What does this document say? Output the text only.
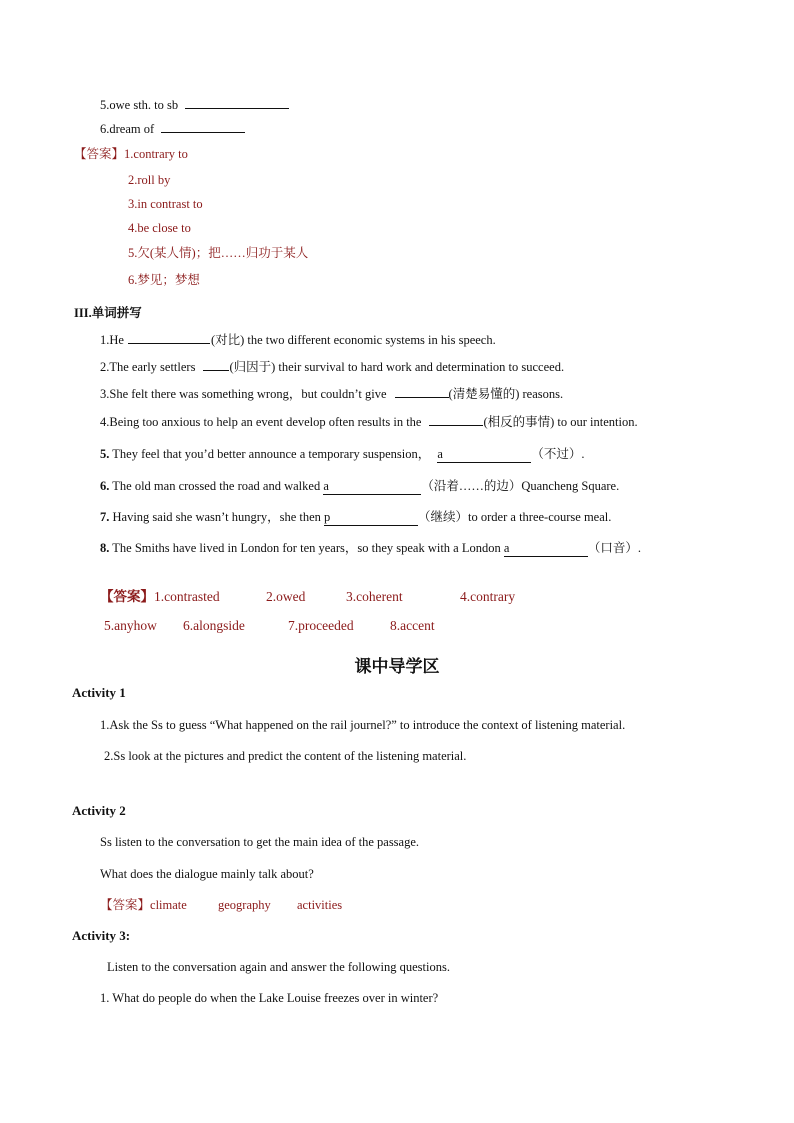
5.owe sth. to sb
6.dream of
【答案】1.contrary to
2.roll by
3.in contrast to
4.be close to
5.欠(某人情)；把……归功于某人
6.梦见；梦想
III.单词拼写
1.He	(对比) the two different economic systems in his speech.
2.The early settlers	(归因于) their survival to hard work and determination to succeed.
3.She felt there was something wrong，but couldn’t give	(清楚易懂的) reasons.
4.Being too anxious to help an event develop often results in the	(相反的事情) to our intention.
5. They feel that you’d better announce a temporary suspension， a	（不过）.
6. The old man crossed the road and walked a	（沿着……的边）Quancheng Square.
7. Having said she wasn’t hungry，she then p	（继续）to order a three-course meal.
8. The Smiths have lived in London for ten years，so they speak with a London a	（口音）.
【答案】1.contrasted	2.owed	3.coherent	4.contrary
5.anyhow 6.alongside	7.proceeded	8.accent
课中导学区
Activity 1
1.Ask the Ss to guess “What happened on the rail journel?” to introduce the context of listening material.
2.Ss look at the pictures and predict the content of the listening material.
Activity 2
Ss listen to the conversation to get the main idea of the passage.
What does the dialogue mainly talk about?
【答案】climate geography activities
Activity 3:
Listen to the conversation again and answer the following questions.
1. What do people do when the Lake Louise freezes over in winter?
